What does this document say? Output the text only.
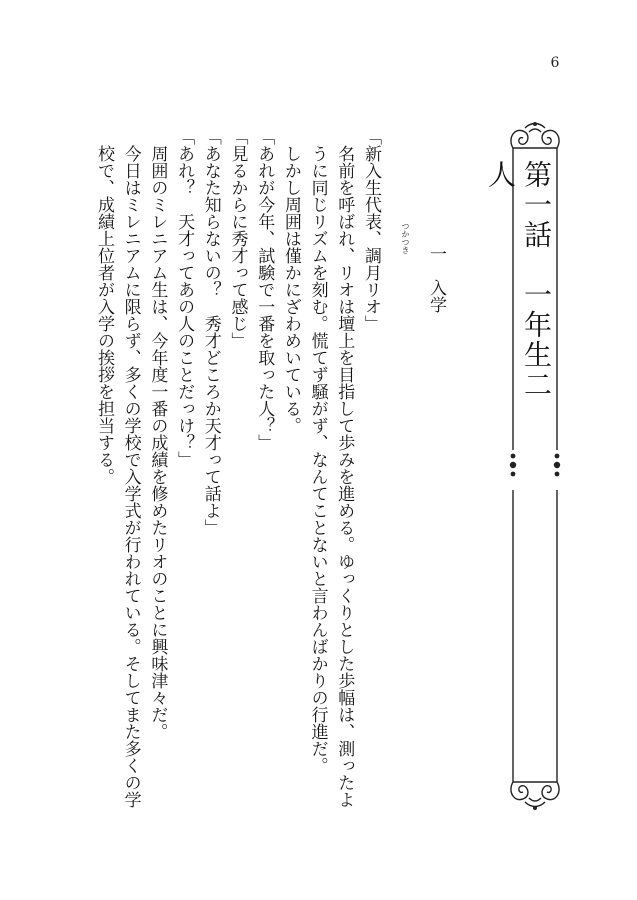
6
第一話　一年生二人
一　入学
つかつき

「新入生代表、調月リオ」

名前を呼ばれ、リオは壇上を目指して歩みを進める。ゆっくりとした歩幅は、測ったように同じリズムを刻む。慌てず騒がず、なんてことないと言わんばかりの行進だ。

しかし周囲は僅かにざわめいている。

「あれが今年、試験で一番を取った人？」

「見るからに秀才って感じ」

「あなた知らないの？　秀才どころか天才って話よ」

「あれ？　天才ってあの人のことだっけ？」

周囲のミレニアム生は、今年度一番の成績を修めたリオのことに興味津々だ。

今日はミレニアムに限らず、多くの学校で入学式が行われている。そしてまた多くの学校で、成績上位者が入学の挨拶を担当する。
